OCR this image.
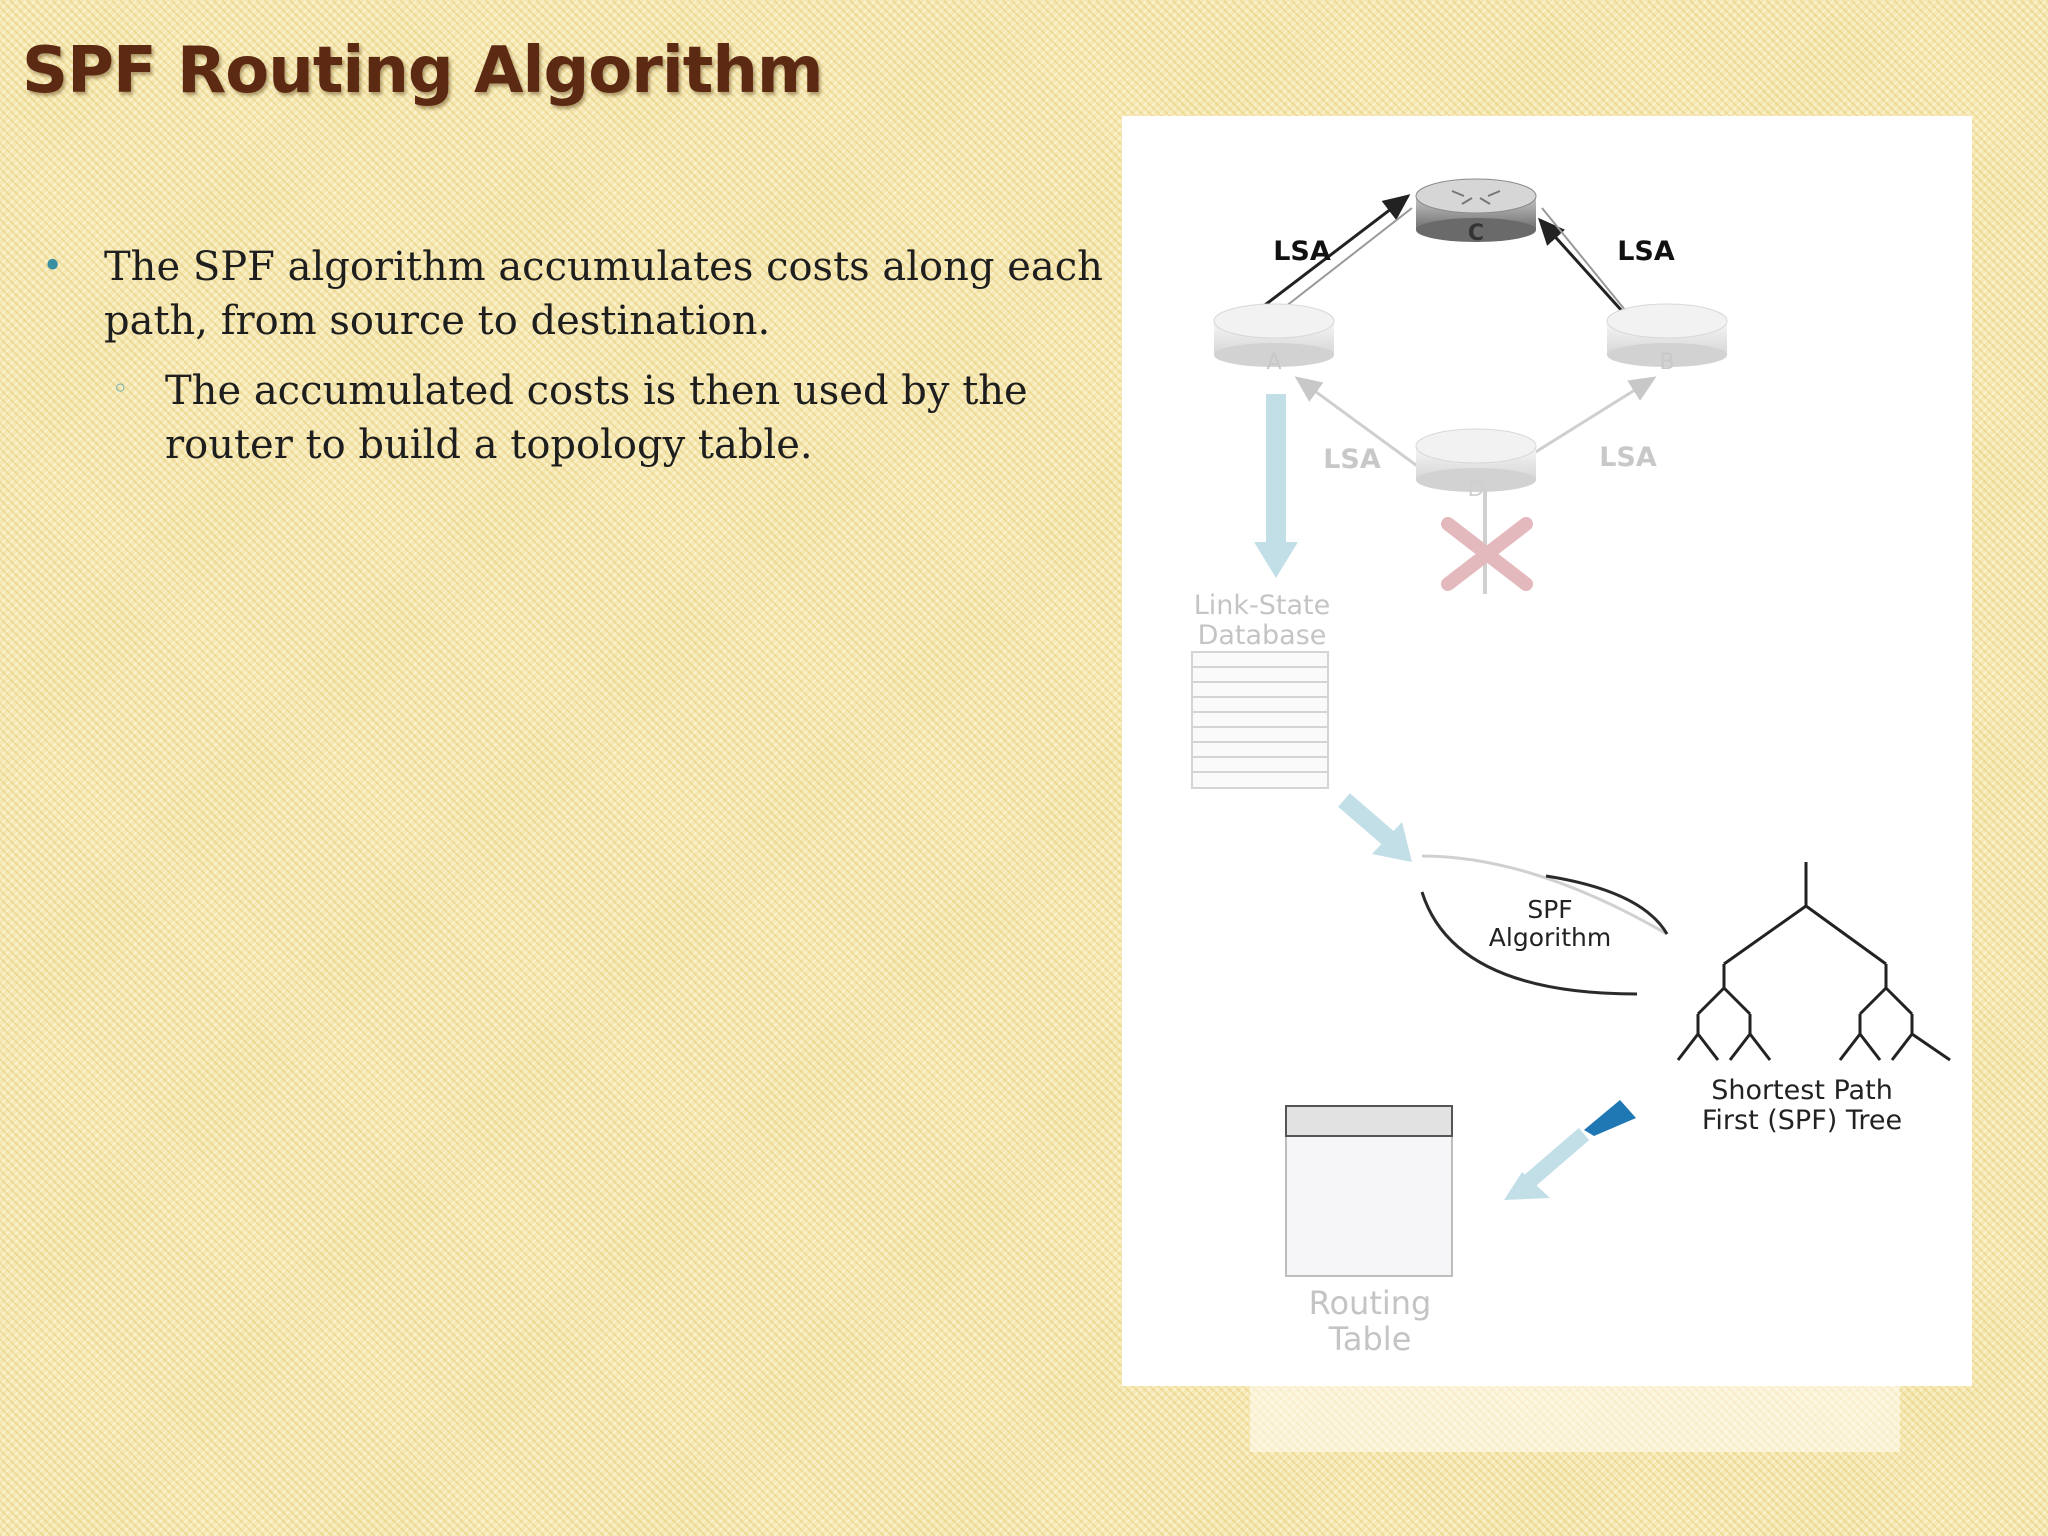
SPF Routing Algorithm
• The SPF algorithm accumulates costs along each path, from source to destination.
◦ The accumulated costs is then used by the router to build a topology table.
C
A	B
D
LSA	LSA
LSA	LSA
Link-State
Database
SPF
Algorithm
Shortest Path
First (SPF) Tree
Routing
Table
